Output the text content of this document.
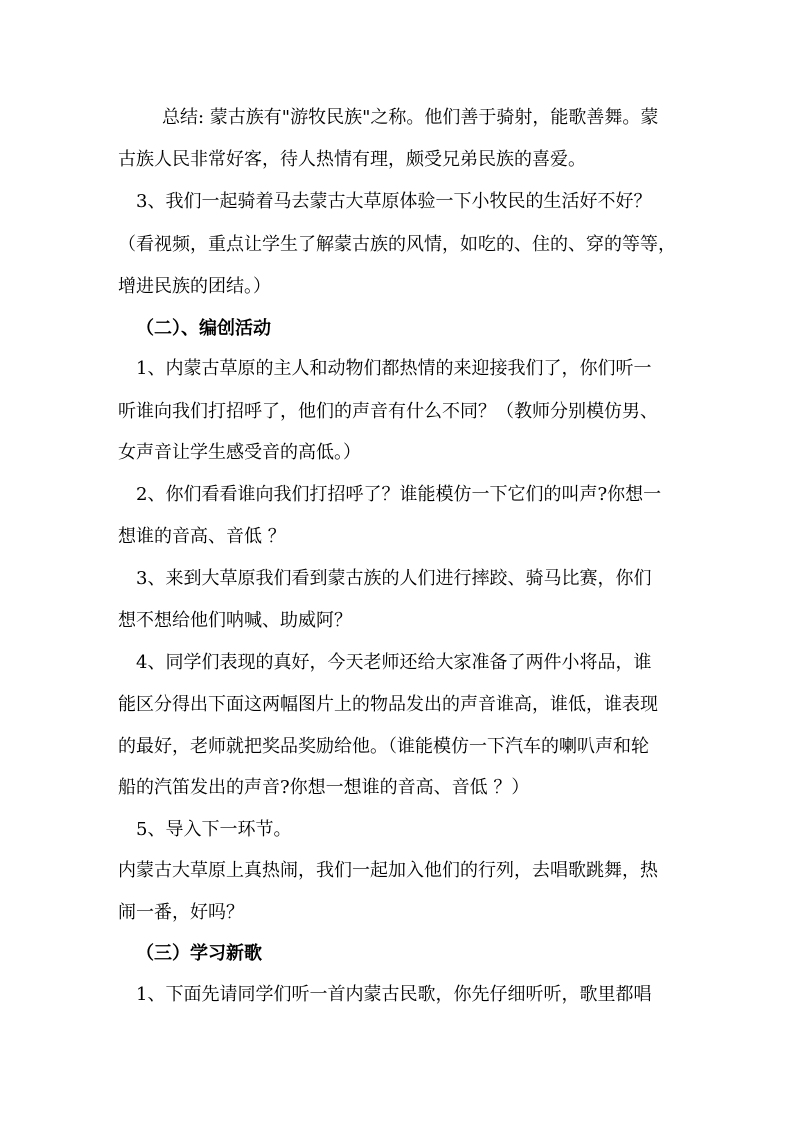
总结: 蒙古族有"游牧民族"之称。他们善于骑射，能歌善舞。蒙
古族人民非常好客，待人热情有理，颇受兄弟民族的喜爱。
3、我们一起骑着马去蒙古大草原体验一下小牧民的生活好不好？
（看视频，重点让学生了解蒙古族的风情，如吃的、住的、穿的等等，
增进民族的团结。）
（二）、编创活动
1、内蒙古草原的主人和动物们都热情的来迎接我们了，你们听一
听谁向我们打招呼了，他们的声音有什么不同？（教师分别模仿男、
女声音让学生感受音的高低。）
2、你们看看谁向我们打招呼了？谁能模仿一下它们的叫声?你想一
想谁的音高、音低 ？
3、来到大草原我们看到蒙古族的人们进行摔跤、骑马比赛，你们
想不想给他们呐喊、助威阿？
4、同学们表现的真好，今天老师还给大家准备了两件小将品，谁
能区分得出下面这两幅图片上的物品发出的声音谁高，谁低，谁表现
的最好，老师就把奖品奖励给他。（谁能模仿一下汽车的喇叭声和轮
船的汽笛发出的声音?你想一想谁的音高、音低 ？）
5、导入下一环节。
内蒙古大草原上真热闹，我们一起加入他们的行列，去唱歌跳舞，热
闹一番，好吗？
（三）学习新歌
1、下面先请同学们听一首内蒙古民歌，你先仔细听听，歌里都唱
